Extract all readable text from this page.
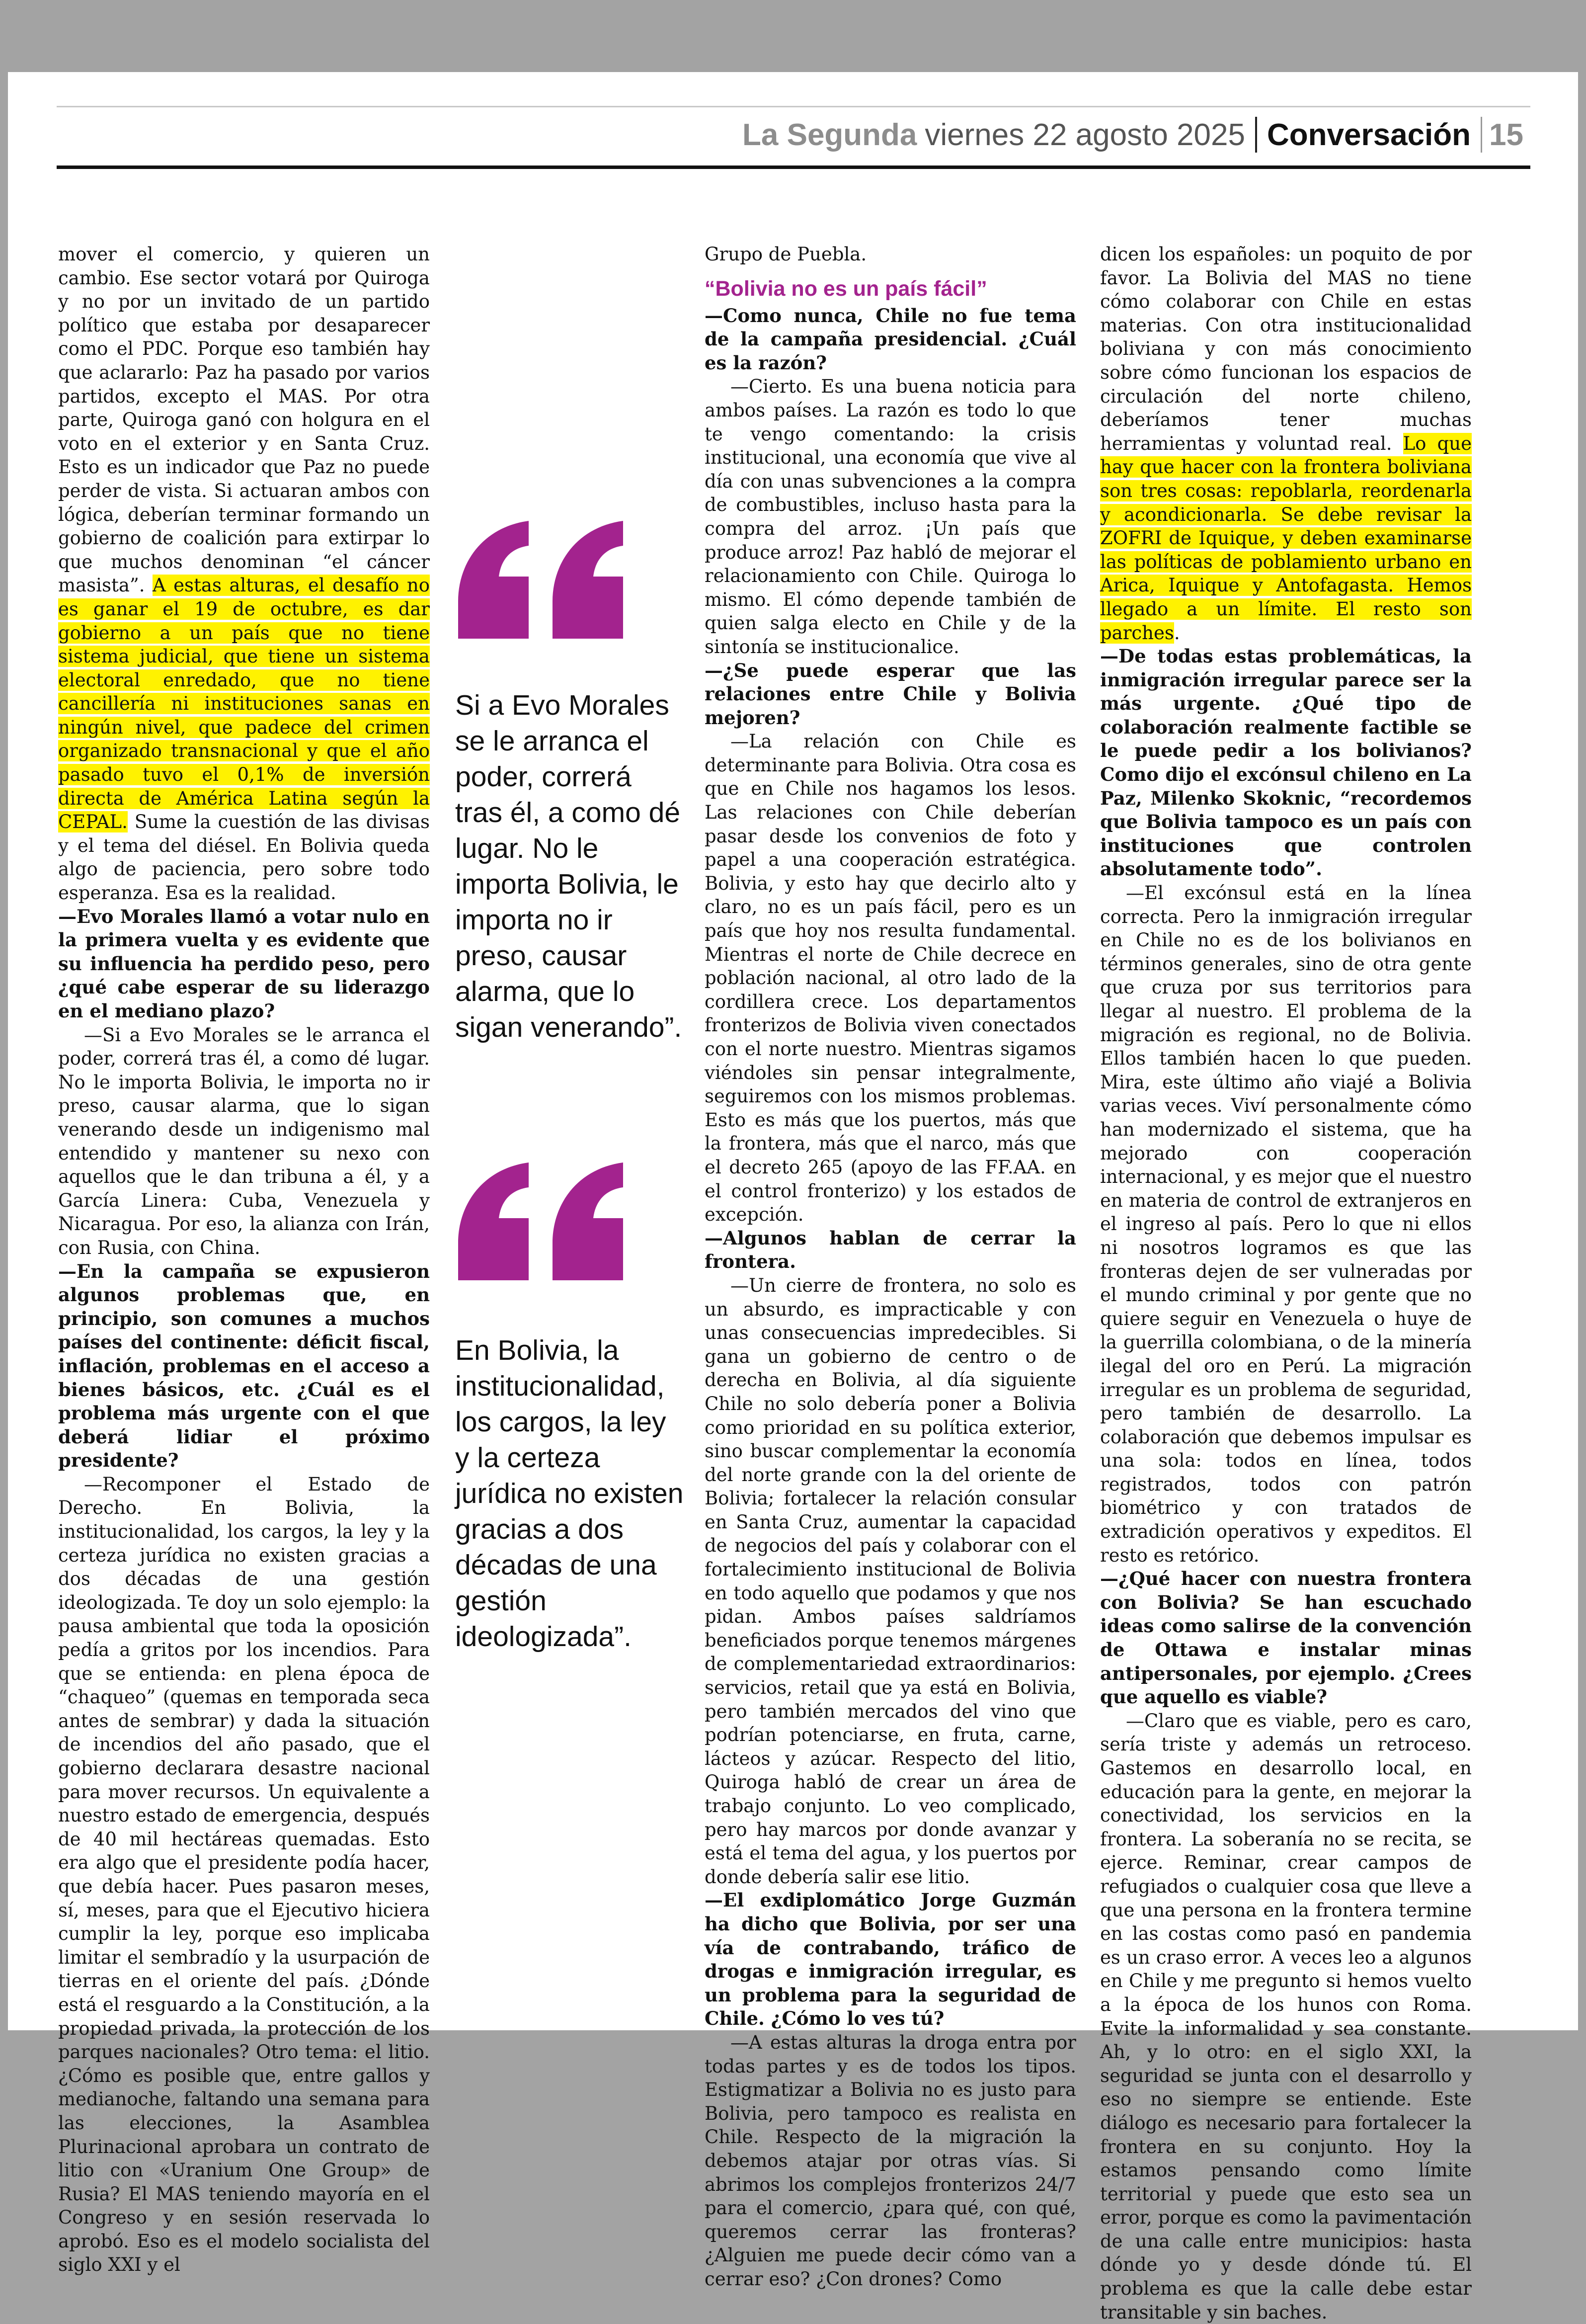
La Segunda viernes 22 agosto 2025 Conversación 15

mover el comercio, y quieren un cambio. Ese sector votará por Quiroga y no por un invitado de un partido político que estaba por desaparecer como el PDC. Porque eso también hay que aclararlo: Paz ha pasado por varios partidos, excepto el MAS. Por otra parte, Quiroga ganó con holgura en el voto en el exterior y en Santa Cruz. Esto es un indicador que Paz no puede perder de vista. Si actuaran ambos con lógica, deberían terminar formando un gobierno de coalición para extirpar lo que muchos denominan “el cáncer masista”. A estas alturas, el desafío no es ganar el 19 de octubre, es dar gobierno a un país que no tiene sistema judicial, que tiene un sistema electoral enredado, que no tiene cancillería ni instituciones sanas en ningún nivel, que padece del crimen organizado transnacional y que el año pasado tuvo el 0,1% de inversión directa de América Latina según la CEPAL. Sume la cuestión de las divisas y el tema del diésel. En Bolivia queda algo de paciencia, pero sobre todo esperanza. Esa es la realidad.

—Evo Morales llamó a votar nulo en la primera vuelta y es evidente que su influencia ha perdido peso, pero ¿qué cabe esperar de su liderazgo en el mediano plazo?

—Si a Evo Morales se le arranca el poder, correrá tras él, a como dé lugar. No le importa Bolivia, le importa no ir preso, causar alarma, que lo sigan venerando desde un indigenismo mal entendido y mantener su nexo con aquellos que le dan tribuna a él, y a García Linera: Cuba, Venezuela y Nicaragua. Por eso, la alianza con Irán, con Rusia, con China.

—En la campaña se expusieron algunos problemas que, en principio, son comunes a muchos países del continente: déficit fiscal, inflación, problemas en el acceso a bienes básicos, etc. ¿Cuál es el problema más urgente con el que deberá lidiar el próximo presidente?

—Recomponer el Estado de Derecho. En Bolivia, la institucionalidad, los cargos, la ley y la certeza jurídica no existen gracias a dos décadas de una gestión ideologizada. Te doy un solo ejemplo: la pausa ambiental que toda la oposición pedía a gritos por los incendios. Para que se entienda: en plena época de “chaqueo” (quemas en temporada seca antes de sembrar) y dada la situación de incendios del año pasado, que el gobierno declarara desastre nacional para mover recursos. Un equivalente a nuestro estado de emergencia, después de 40 mil hectáreas quemadas. Esto era algo que el presidente podía hacer, que debía hacer. Pues pasaron meses, sí, meses, para que el Ejecutivo hiciera cumplir la ley, porque eso implicaba limitar el sembradío y la usurpación de tierras en el oriente del país. ¿Dónde está el resguardo a la Constitución, a la propiedad privada, la protección de los parques nacionales? Otro tema: el litio. ¿Cómo es posible que, entre gallos y medianoche, faltando una semana para las elecciones, la Asamblea Plurinacional aprobara un contrato de litio con «Uranium One Group» de Rusia? El MAS teniendo mayoría en el Congreso y en sesión reservada lo aprobó. Eso es el modelo socialista del siglo XXI y el

Si a Evo Morales se le arranca el poder, correrá tras él, a como dé lugar. No le importa Bolivia, le importa no ir preso, causar alarma, que lo sigan venerando”.
En Bolivia, la institucionalidad, los cargos, la ley y la certeza jurídica no existen gracias a dos décadas de una gestión ideologizada”.

Grupo de Puebla.

“Bolivia no es un país fácil”

—Como nunca, Chile no fue tema de la campaña presidencial. ¿Cuál es la razón?

—Cierto. Es una buena noticia para ambos países. La razón es todo lo que te vengo comentando: la crisis institucional, una economía que vive al día con unas subvenciones a la compra de combustibles, incluso hasta para la compra del arroz. ¡Un país que produce arroz! Paz habló de mejorar el relacionamiento con Chile. Quiroga lo mismo. El cómo depende también de quien salga electo en Chile y de la sintonía se institucionalice.

—¿Se puede esperar que las relaciones entre Chile y Bolivia mejoren?

—La relación con Chile es determinante para Bolivia. Otra cosa es que en Chile nos hagamos los lesos. Las relaciones con Chile deberían pasar desde los convenios de foto y papel a una cooperación estratégica. Bolivia, y esto hay que decirlo alto y claro, no es un país fácil, pero es un país que hoy nos resulta fundamental. Mientras el norte de Chile decrece en población nacional, al otro lado de la cordillera crece. Los departamentos fronterizos de Bolivia viven conectados con el norte nuestro. Mientras sigamos viéndoles sin pensar integralmente, seguiremos con los mismos problemas. Esto es más que los puertos, más que la frontera, más que el narco, más que el decreto 265 (apoyo de las FF.AA. en el control fronterizo) y los estados de excepción.

—Algunos hablan de cerrar la frontera.

—Un cierre de frontera, no solo es un absurdo, es impracticable y con unas consecuencias impredecibles. Si gana un gobierno de centro o de derecha en Bolivia, al día siguiente Chile no solo debería poner a Bolivia como prioridad en su política exterior, sino buscar complementar la economía del norte grande con la del oriente de Bolivia; fortalecer la relación consular en Santa Cruz, aumentar la capacidad de negocios del país y colaborar con el fortalecimiento institucional de Bolivia en todo aquello que podamos y que nos pidan. Ambos países saldríamos beneficiados porque tenemos márgenes de complementariedad extraordinarios: servicios, retail que ya está en Bolivia, pero también mercados del vino que podrían potenciarse, en fruta, carne, lácteos y azúcar. Respecto del litio, Quiroga habló de crear un área de trabajo conjunto. Lo veo complicado, pero hay marcos por donde avanzar y está el tema del agua, y los puertos por donde debería salir ese litio.

—El exdiplomático Jorge Guzmán ha dicho que Bolivia, por ser una vía de contrabando, tráfico de drogas e inmigración irregular, es un problema para la seguridad de Chile. ¿Cómo lo ves tú?

—A estas alturas la droga entra por todas partes y es de todos los tipos. Estigmatizar a Bolivia no es justo para Bolivia, pero tampoco es realista en Chile. Respecto de la migración la debemos atajar por otras vías. Si abrimos los complejos fronterizos 24/7 para el comercio, ¿para qué, con qué, queremos cerrar las fronteras? ¿Alguien me puede decir cómo van a cerrar eso? ¿Con drones? Como

dicen los españoles: un poquito de por favor. La Bolivia del MAS no tiene cómo colaborar con Chile en estas materias. Con otra institucionalidad boliviana y con más conocimiento sobre cómo funcionan los espacios de circulación del norte chileno, deberíamos tener muchas herramientas y voluntad real. Lo que hay que hacer con la frontera boliviana son tres cosas: repoblarla, reordenarla y acondicionarla. Se debe revisar la ZOFRI de Iquique, y deben examinarse las políticas de poblamiento urbano en Arica, Iquique y Antofagasta. Hemos llegado a un límite. El resto son parches.

—De todas estas problemáticas, la inmigración irregular parece ser la más urgente. ¿Qué tipo de colaboración realmente factible se le puede pedir a los bolivianos? Como dijo el excónsul chileno en La Paz, Milenko Skoknic, “recordemos que Bolivia tampoco es un país con instituciones que controlen absolutamente todo”.

—El excónsul está en la línea correcta. Pero la inmigración irregular en Chile no es de los bolivianos en términos generales, sino de otra gente que cruza por sus territorios para llegar al nuestro. El problema de la migración es regional, no de Bolivia. Ellos también hacen lo que pueden. Mira, este último año viajé a Bolivia varias veces. Viví personalmente cómo han modernizado el sistema, que ha mejorado con cooperación internacional, y es mejor que el nuestro en materia de control de extranjeros en el ingreso al país. Pero lo que ni ellos ni nosotros logramos es que las fronteras dejen de ser vulneradas por el mundo criminal y por gente que no quiere seguir en Venezuela o huye de la guerrilla colombiana, o de la minería ilegal del oro en Perú. La migración irregular es un problema de seguridad, pero también de desarrollo. La colaboración que debemos impulsar es una sola: todos en línea, todos registrados, todos con patrón biométrico y con tratados de extradición operativos y expeditos. El resto es retórico.

—¿Qué hacer con nuestra frontera con Bolivia? Se han escuchado ideas como salirse de la convención de Ottawa e instalar minas antipersonales, por ejemplo. ¿Crees que aquello es viable?

—Claro que es viable, pero es caro, sería triste y además un retroceso. Gastemos en desarrollo local, en educación para la gente, en mejorar la conectividad, los servicios en la frontera. La soberanía no se recita, se ejerce. Reminar, crear campos de refugiados o cualquier cosa que lleve a que una persona en la frontera termine en las costas como pasó en pandemia es un craso error. A veces leo a algunos en Chile y me pregunto si hemos vuelto a la época de los hunos con Roma. Evite la informalidad y sea constante. Ah, y lo otro: en el siglo XXI, la seguridad se junta con el desarrollo y eso no siempre se entiende. Este diálogo es necesario para fortalecer la frontera en su conjunto. Hoy la estamos pensando como límite territorial y puede que esto sea un error, porque es como la pavimentación de una calle entre municipios: hasta dónde yo y desde dónde tú. El problema es que la calle debe estar transitable y sin baches.
